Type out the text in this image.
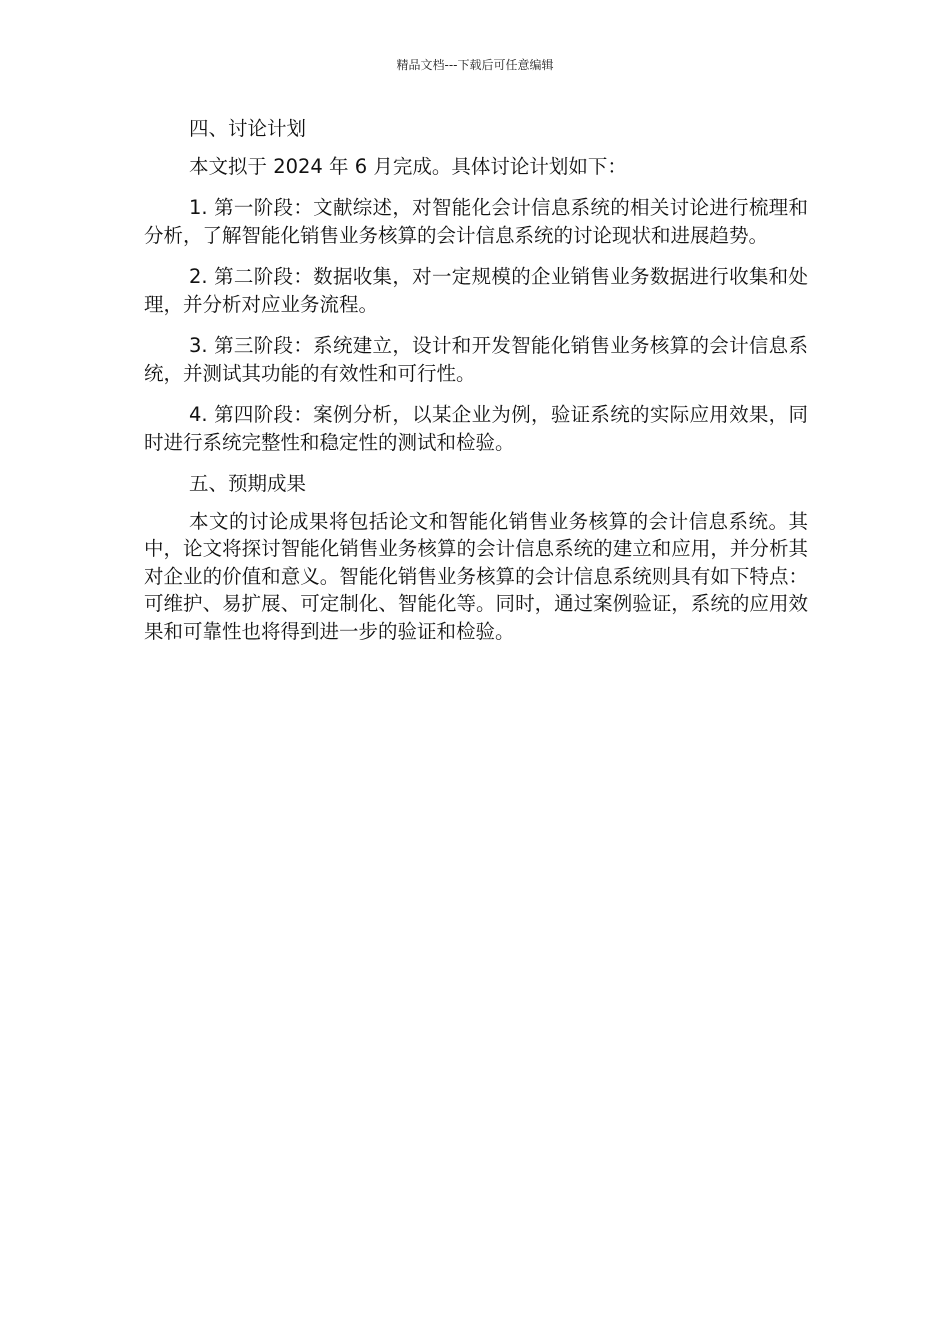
精品文档---下载后可任意编辑

四、讨论计划

本文拟于 2024 年 6 月完成。具体讨论计划如下：

1. 第一阶段：文献综述，对智能化会计信息系统的相关讨论进行梳理和分析，了解智能化销售业务核算的会计信息系统的讨论现状和进展趋势。

2. 第二阶段：数据收集，对一定规模的企业销售业务数据进行收集和处理，并分析对应业务流程。

3. 第三阶段：系统建立，设计和开发智能化销售业务核算的会计信息系统，并测试其功能的有效性和可行性。

4. 第四阶段：案例分析，以某企业为例，验证系统的实际应用效果，同时进行系统完整性和稳定性的测试和检验。

五、预期成果

本文的讨论成果将包括论文和智能化销售业务核算的会计信息系统。其中，论文将探讨智能化销售业务核算的会计信息系统的建立和应用，并分析其对企业的价值和意义。智能化销售业务核算的会计信息系统则具有如下特点：可维护、易扩展、可定制化、智能化等。同时，通过案例验证，系统的应用效果和可靠性也将得到进一步的验证和检验。
